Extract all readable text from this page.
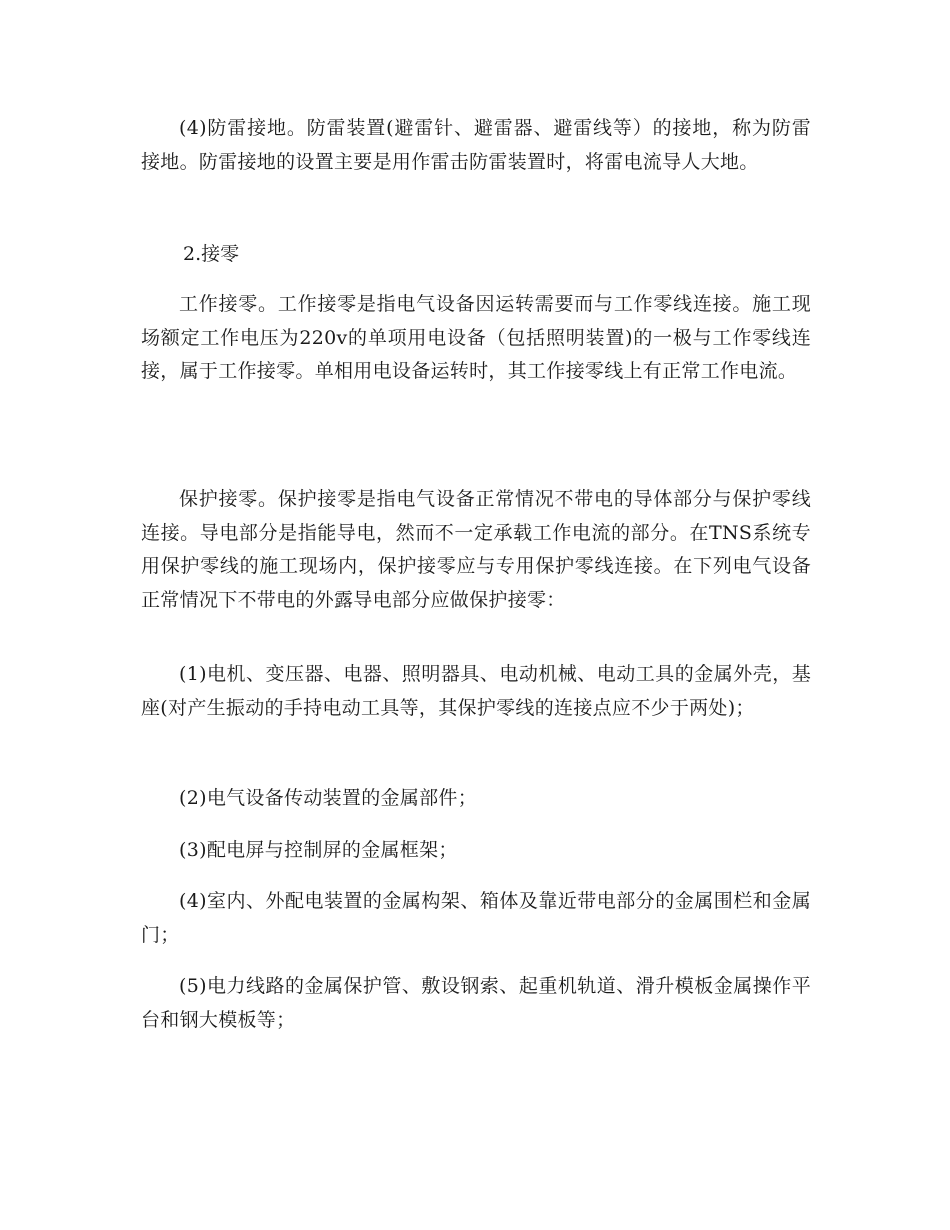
(4)防雷接地。防雷装置(避雷针、避雷器、避雷线等）的接地，称为防雷接地。防雷接地的设置主要是用作雷击防雷装置时，将雷电流导人大地。

2.接零

工作接零。工作接零是指电气设备因运转需要而与工作零线连接。施工现场额定工作电压为220v的单项用电设备（包括照明装置)的一极与工作零线连接，属于工作接零。单相用电设备运转时，其工作接零线上有正常工作电流。

保护接零。保护接零是指电气设备正常情况不带电的导体部分与保护零线连接。导电部分是指能导电，然而不一定承载工作电流的部分。在TNS系统专用保护零线的施工现场内，保护接零应与专用保护零线连接。在下列电气设备正常情况下不带电的外露导电部分应做保护接零：

(1)电机、变压器、电器、照明器具、电动机械、电动工具的金属外壳，基座(对产生振动的手持电动工具等，其保护零线的连接点应不少于两处)；

(2)电气设备传动装置的金属部件；

(3)配电屏与控制屏的金属框架；

(4)室内、外配电装置的金属构架、箱体及靠近带电部分的金属围栏和金属门；

(5)电力线路的金属保护管、敷设钢索、起重机轨道、滑升模板金属操作平台和钢大模板等；
